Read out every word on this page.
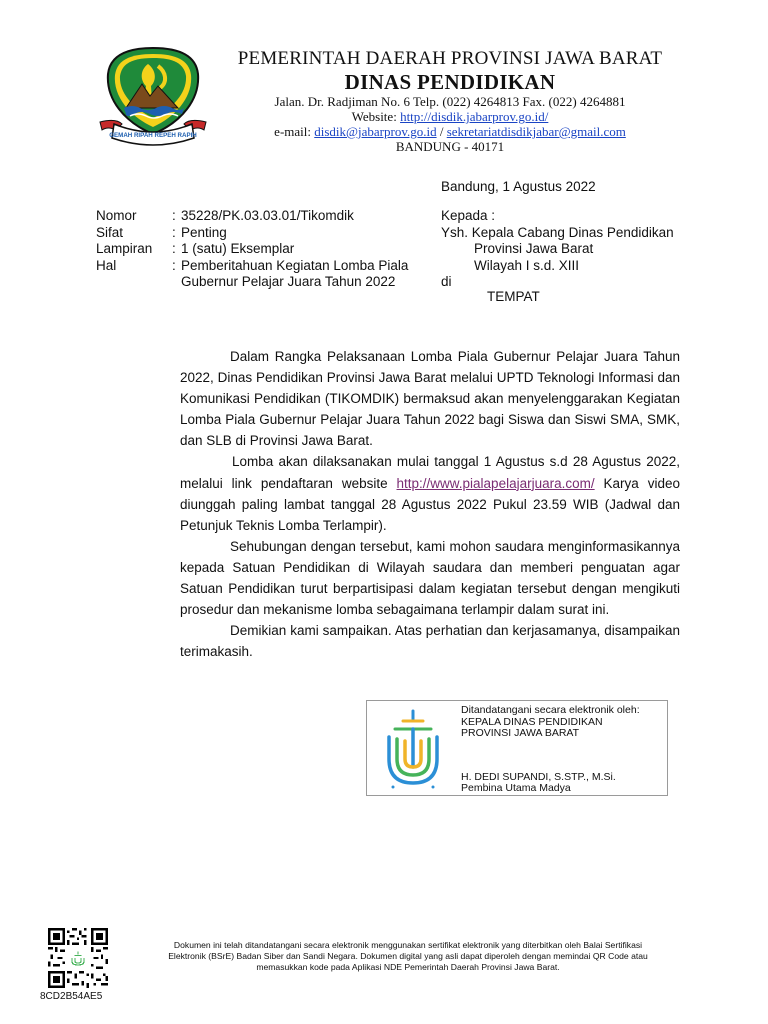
GEMAH RIPAH REPEH RAPIH
PEMERINTAH DAERAH PROVINSI JAWA BARAT
DINAS PENDIDIKAN
Jalan. Dr. Radjiman No. 6 Telp. (022) 4264813 Fax. (022) 4264881
Website: http://disdik.jabarprov.go.id/
e-mail: disdik@jabarprov.go.id / sekretariatdisdikjabar@gmail.com
BANDUNG - 40171
Bandung, 1 Agustus 2022
Nomor	: 35228/PK.03.03.01/Tikomdik
Sifat	: Penting
Lampiran	: 1 (satu) Eksemplar
Hal	: Pemberitahuan Kegiatan Lomba Piala Gubernur Pelajar Juara Tahun 2022
Kepada :
Ysh. Kepala Cabang Dinas Pendidikan
Provinsi Jawa Barat
Wilayah I s.d. XIII
di
TEMPAT

Dalam Rangka Pelaksanaan Lomba Piala Gubernur Pelajar Juara Tahun 2022, Dinas Pendidikan Provinsi Jawa Barat melalui UPTD Teknologi Informasi dan Komunikasi Pendidikan (TIKOMDIK) bermaksud akan menyelenggarakan Kegiatan Lomba Piala Gubernur Pelajar Juara Tahun 2022 bagi Siswa dan Siswi SMA, SMK, dan SLB di Provinsi Jawa Barat.

Lomba akan dilaksanakan mulai tanggal 1 Agustus s.d 28 Agustus 2022, melalui link pendaftaran website http://www.pialapelajarjuara.com/ Karya video diunggah paling lambat tanggal 28 Agustus 2022 Pukul 23.59 WIB (Jadwal dan Petunjuk Teknis Lomba Terlampir).

Sehubungan dengan tersebut, kami mohon saudara menginformasikannya kepada Satuan Pendidikan di Wilayah saudara dan memberi penguatan agar Satuan Pendidikan turut berpartisipasi dalam kegiatan tersebut dengan mengikuti prosedur dan mekanisme lomba sebagaimana terlampir dalam surat ini.

Demikian kami sampaikan. Atas perhatian dan kerjasamanya, disampaikan terimakasih.

Ditandatangani secara elektronik oleh:
KEPALA DINAS PENDIDIKAN
PROVINSI JAWA BARAT
H. DEDI SUPANDI, S.STP., M.Si.
Pembina Utama Madya
8CD2B54AE5
Dokumen ini telah ditandatangani secara elektronik menggunakan sertifikat elektronik yang diterbitkan oleh Balai Sertifikasi
Elektronik (BSrE) Badan Siber dan Sandi Negara. Dokumen digital yang asli dapat diperoleh dengan memindai QR Code atau
memasukkan kode pada Aplikasi NDE Pemerintah Daerah Provinsi Jawa Barat.
